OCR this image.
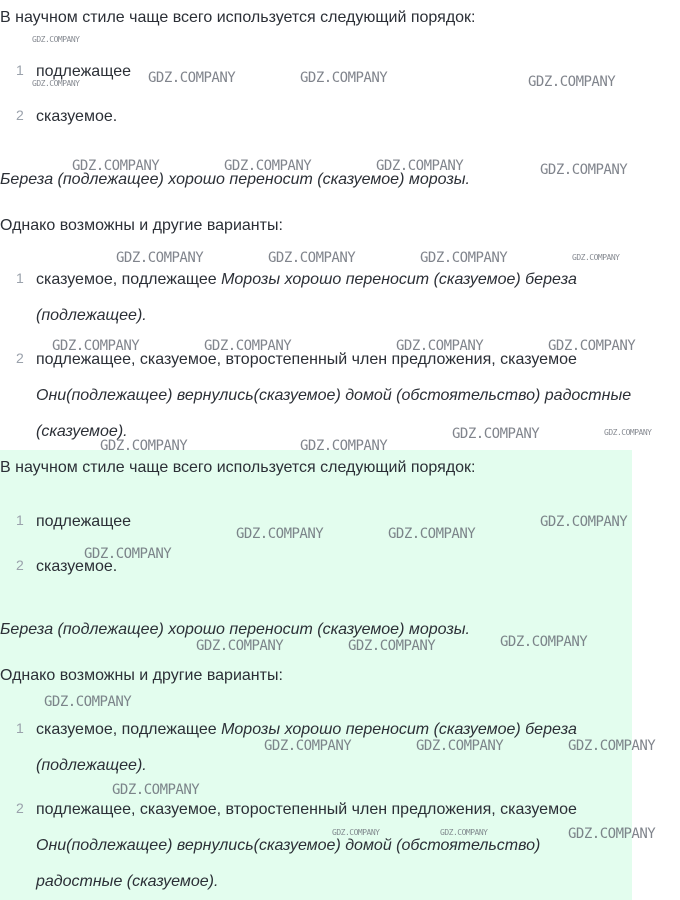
В научном стиле чаще всего используется следующий порядок:

1 подлежащее
2 сказуемое.

Береза (подлежащее) хорошо переносит (сказуемое) морозы.

Однако возможны и другие варианты:

1 сказуемое, подлежащее Морозы хорошо переносит (сказуемое) береза (подлежащее).
2 подлежащее, сказуемое, второстепенный член предложения, сказуемое Они(подлежащее) вернулись(сказуемое) домой (обстоятельство) радостные (сказуемое).

В научном стиле чаще всего используется следующий порядок:

1 подлежащее
2 сказуемое.

Береза (подлежащее) хорошо переносит (сказуемое) морозы.

Однако возможны и другие варианты:

1 сказуемое, подлежащее Морозы хорошо переносит (сказуемое) береза (подлежащее).
2 подлежащее, сказуемое, второстепенный член предложения, сказуемое Они(подлежащее) вернулись(сказуемое) домой (обстоятельство) радостные (сказуемое).
GDZ.COMPANY
GDZ.COMPANY	GDZ.COMPANY	GDZ.COMPANY	GDZ.COMPANY
GDZ.COMPANY	GDZ.COMPANY	GDZ.COMPANY	GDZ.COMPANY
GDZ.COMPANY	GDZ.COMPANY	GDZ.COMPANY	GDZ.COMPANY
GDZ.COMPANY	GDZ.COMPANY	GDZ.COMPANY	GDZ.COMPANY
GDZ.COMPANY	GDZ.COMPANY
GDZ.COMPANY	GDZ.COMPANY
GDZ.COMPANY
GDZ.COMPANY	GDZ.COMPANY
GDZ.COMPANY
GDZ.COMPANY
GDZ.COMPANY	GDZ.COMPANY
GDZ.COMPANY
GDZ.COMPANY	GDZ.COMPANY	GDZ.COMPANY
GDZ.COMPANY
GDZ.COMPANY	GDZ.COMPANY	GDZ.COMPANY
